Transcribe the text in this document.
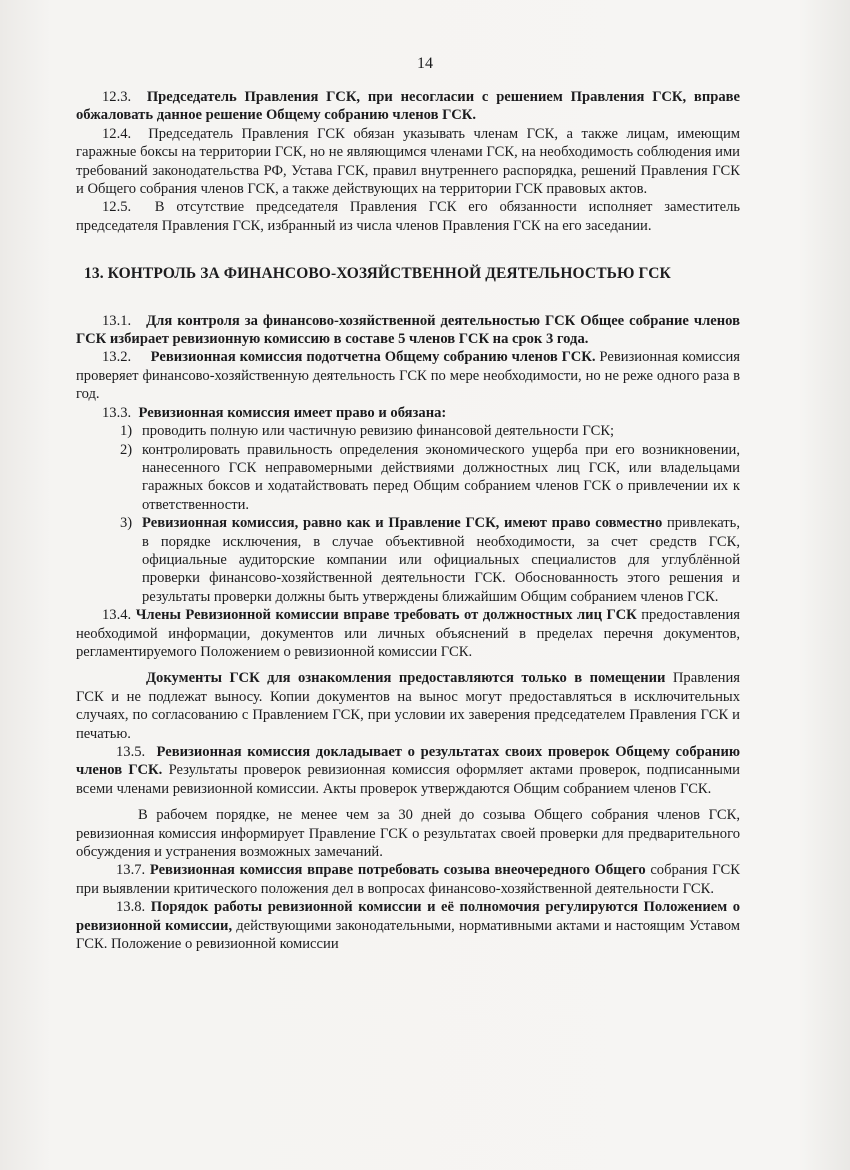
14

12.3. Председатель Правления ГСК, при несогласии с решением Правления ГСК, вправе обжаловать данное решение Общему собранию членов ГСК.

12.4. Председатель Правления ГСК обязан указывать членам ГСК, а также лицам, имеющим гаражные боксы на территории ГСК, но не являющимся членами ГСК, на необходимость соблюдения ими требований законодательства РФ, Устава ГСК, правил внутреннего распорядка, решений Правления ГСК и Общего собрания членов ГСК, а также действующих на территории ГСК правовых актов.

12.5. В отсутствие председателя Правления ГСК его обязанности исполняет заместитель председателя Правления ГСК, избранный из числа членов Правления ГСК на его заседании.

13. КОНТРОЛЬ ЗА ФИНАНСОВО-ХОЗЯЙСТВЕННОЙ ДЕЯТЕЛЬНОСТЬЮ ГСК

13.1. Для контроля за финансово-хозяйственной деятельностью ГСК Общее собрание членов ГСК избирает ревизионную комиссию в составе 5 членов ГСК на срок 3 года.

13.2. Ревизионная комиссия подотчетна Общему собранию членов ГСК. Ревизионная комиссия проверяет финансово-хозяйственную деятельность ГСК по мере необходимости, но не реже одного раза в год.

13.3. Ревизионная комиссия имеет право и обязана:

1) проводить полную или частичную ревизию финансовой деятельности ГСК;
2) контролировать правильность определения экономического ущерба при его возникновении, нанесенного ГСК неправомерными действиями должностных лиц ГСК, или владельцами гаражных боксов и ходатайствовать перед Общим собранием членов ГСК о привлечении их к ответственности.
3) Ревизионная комиссия, равно как и Правление ГСК, имеют право совместно привлекать, в порядке исключения, в случае объективной необходимости, за счет средств ГСК, официальные аудиторские компании или официальных специалистов для углублённой проверки финансово-хозяйственной деятельности ГСК. Обоснованность этого решения и результаты проверки должны быть утверждены ближайшим Общим собранием членов ГСК.

13.4. Члены Ревизионной комиссии вправе требовать от должностных лиц ГСК предоставления необходимой информации, документов или личных объяснений в пределах перечня документов, регламентируемого Положением о ревизионной комиссии ГСК.

Документы ГСК для ознакомления предоставляются только в помещении Правления ГСК и не подлежат выносу. Копии документов на вынос могут предоставляться в исключительных случаях, по согласованию с Правлением ГСК, при условии их заверения председателем Правления ГСК и печатью.

13.5. Ревизионная комиссия докладывает о результатах своих проверок Общему собранию членов ГСК. Результаты проверок ревизионная комиссия оформляет актами проверок, подписанными всеми членами ревизионной комиссии. Акты проверок утверждаются Общим собранием членов ГСК.

В рабочем порядке, не менее чем за 30 дней до созыва Общего собрания членов ГСК, ревизионная комиссия информирует Правление ГСК о результатах своей проверки для предварительного обсуждения и устранения возможных замечаний.

13.7. Ревизионная комиссия вправе потребовать созыва внеочередного Общего собрания ГСК при выявлении критического положения дел в вопросах финансово-хозяйственной деятельности ГСК.

13.8. Порядок работы ревизионной комиссии и её полномочия регулируются Положением о ревизионной комиссии, действующими законодательными, нормативными актами и настоящим Уставом ГСК. Положение о ревизионной комиссии
